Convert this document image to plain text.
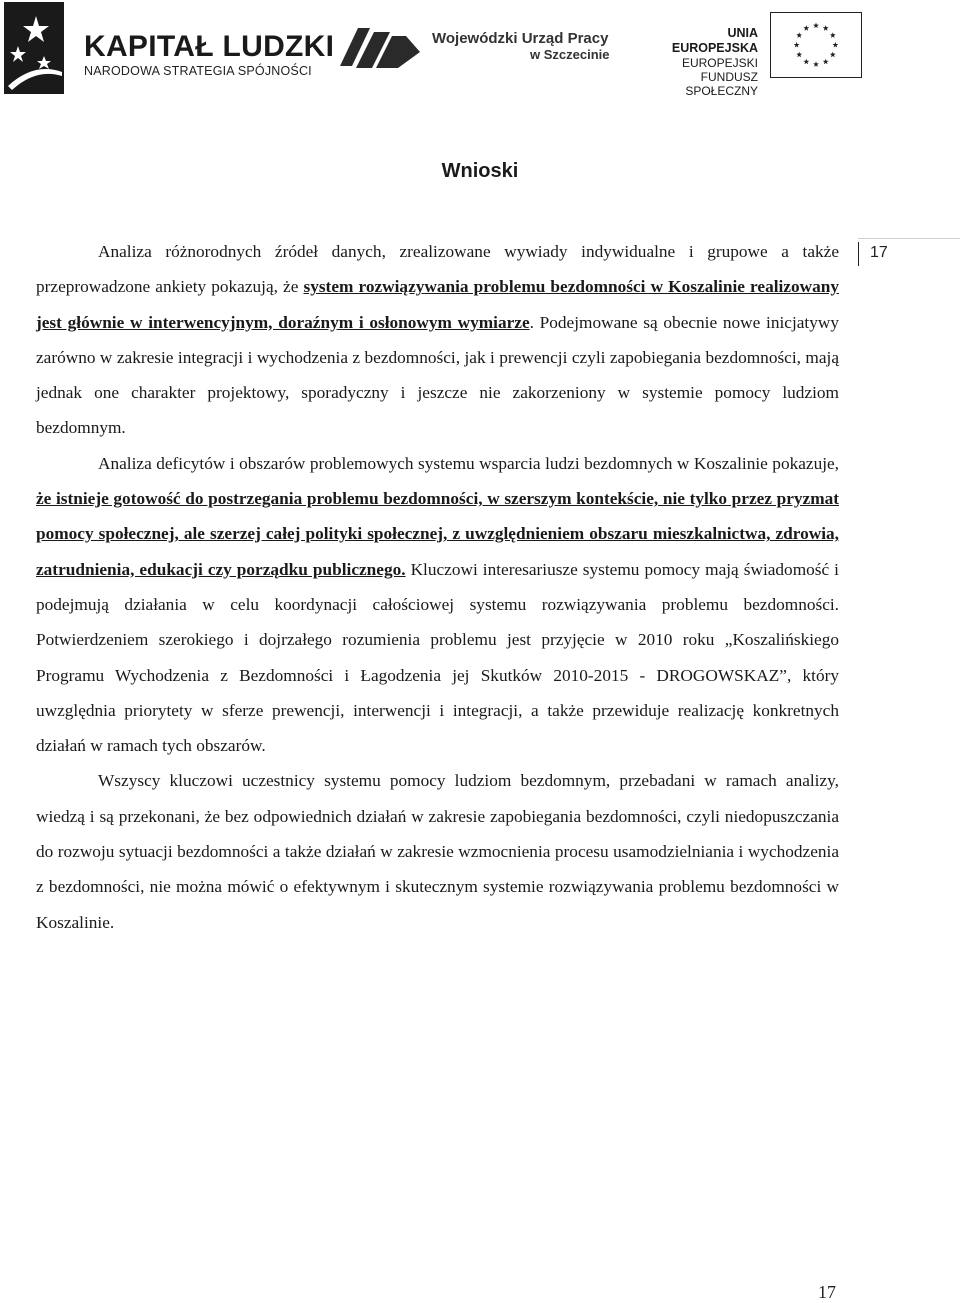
KAPITAŁ LUDZKI
NARODOWA STRATEGIA SPÓJNOŚCI
Wojewódzki Urząd Pracy
w Szczecinie
UNIA EUROPEJSKA
EUROPEJSKI
FUNDUSZ SPOŁECZNY
Wnioski
17

Analiza różnorodnych źródeł danych, zrealizowane wywiady indywidualne i grupowe a także przeprowadzone ankiety pokazują, że system rozwiązywania problemu bezdomności w Koszalinie realizowany jest głównie w interwencyjnym, doraźnym i osłonowym wymiarze. Podejmowane są obecnie nowe inicjatywy zarówno w zakresie integracji i wychodzenia z bezdomności, jak i prewencji czyli zapobiegania bezdomności, mają jednak one charakter projektowy, sporadyczny i jeszcze nie zakorzeniony w systemie pomocy ludziom bezdomnym.

Analiza deficytów i obszarów problemowych systemu wsparcia ludzi bezdomnych w Koszalinie pokazuje, że istnieje gotowość do postrzegania problemu bezdomności, w szerszym kontekście, nie tylko przez pryzmat pomocy społecznej, ale szerzej całej polityki społecznej, z uwzględnieniem obszaru mieszkalnictwa, zdrowia, zatrudnienia, edukacji czy porządku publicznego. Kluczowi interesariusze systemu pomocy mają świadomość i podejmują działania w celu koordynacji całościowej systemu rozwiązywania problemu bezdomności. Potwierdzeniem szerokiego i dojrzałego rozumienia problemu jest przyjęcie w 2010 roku „Koszalińskiego Programu Wychodzenia z Bezdomności i Łagodzenia jej Skutków 2010-2015 - DROGOWSKAZ”, który uwzględnia priorytety w sferze prewencji, interwencji i integracji, a także przewiduje realizację konkretnych działań w ramach tych obszarów.

Wszyscy kluczowi uczestnicy systemu pomocy ludziom bezdomnym, przebadani w ramach analizy, wiedzą i są przekonani, że bez odpowiednich działań w zakresie zapobiegania bezdomności, czyli niedopuszczania do rozwoju sytuacji bezdomności a także działań w zakresie wzmocnienia procesu usamodzielniania i wychodzenia z bezdomności, nie można mówić o efektywnym i skutecznym systemie rozwiązywania problemu bezdomności w Koszalinie.

17
